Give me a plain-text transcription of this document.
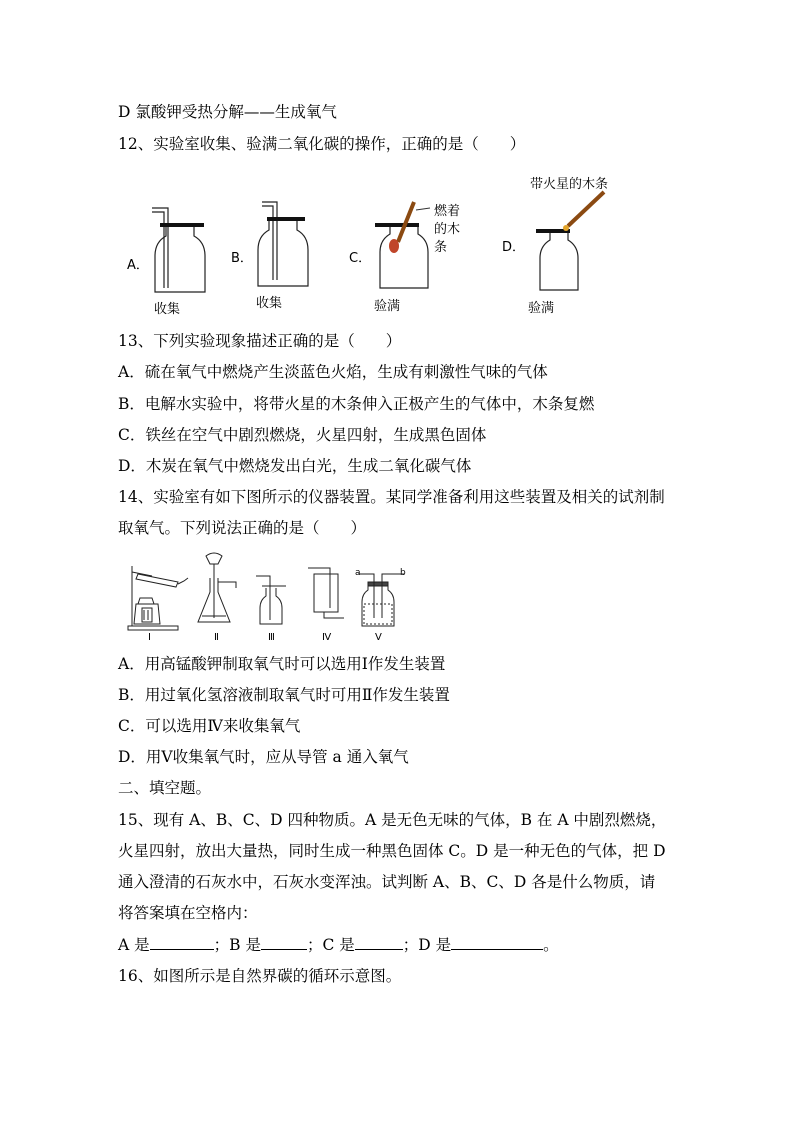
D 氯酸钾受热分解——生成氧气
12、实验室收集、验满二氧化碳的操作，正确的是（　　）
A．	B．	C．
D．
收集	收集	验满	验满
燃着
的木
条
带火星的木条
13、下列实验现象描述正确的是（　　）
A．硫在氧气中燃烧产生淡蓝色火焰，生成有刺激性气味的气体
B．电解水实验中，将带火星的木条伸入正极产生的气体中，木条复燃
C．铁丝在空气中剧烈燃烧，火星四射，生成黑色固体
D．木炭在氧气中燃烧发出白光，生成二氧化碳气体
14、实验室有如下图所示的仪器装置。某同学准备利用这些装置及相关的试剂制
取氧气。下列说法正确的是（　　）
Ⅰ	Ⅱ	Ⅲ	Ⅳ	Ⅴ
a	b
A．用高锰酸钾制取氧气时可以选用Ⅰ作发生装置
B．用过氧化氢溶液制取氧气时可用Ⅱ作发生装置
C．可以选用Ⅳ来收集氧气
D．用Ⅴ收集氧气时，应从导管 a 通入氧气
二、填空题。
15、现有 A、B、C、D 四种物质。A 是无色无味的气体，B 在 A 中剧烈燃烧，
火星四射，放出大量热，同时生成一种黑色固体 C。D 是一种无色的气体，把 D
通入澄清的石灰水中，石灰水变浑浊。试判断 A、B、C、D 各是什么物质，请
将答案填在空格内：
A 是	；B 是	；C 是	；D 是	。
16、如图所示是自然界碳的循环示意图。
